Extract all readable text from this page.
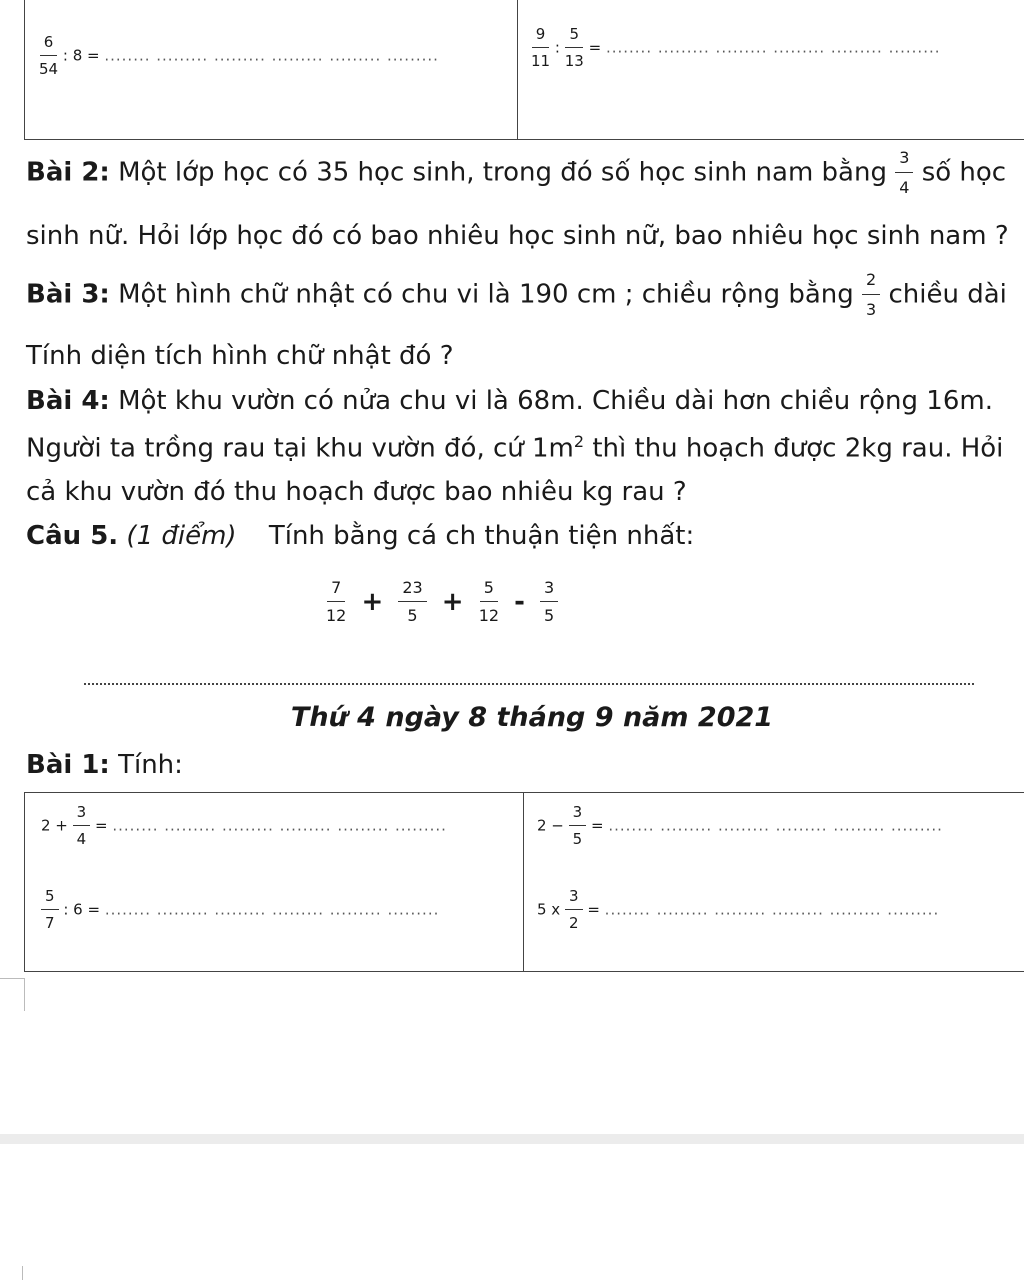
$\frac{6}{54}$ : 8 = ........ ......... ......... ......... ......... .........	$\frac{9}{11}$ : $\frac{5}{13}$ = ........ ......... ......... ......... ......... .........
Bài 2: Một lớp học có 35 học sinh, trong đó số học sinh nam bằng $\frac{3}{4}$ số học
sinh nữ. Hỏi lớp học đó có bao nhiêu học sinh nữ, bao nhiêu học sinh nam ?
Bài 3: Một hình chữ nhật có chu vi là 190 cm ; chiều rộng bằng $\frac{2}{3}$ chiều dài
Tính diện tích hình chữ nhật đó ?
Bài 4: Một khu vườn có nửa chu vi là 68m. Chiều dài hơn chiều rộng 16m.
Người ta trồng rau tại khu vườn đó, cứ $1m^2$ thì thu hoạch được 2kg rau. Hỏi
cả khu vườn đó thu hoạch được bao nhiêu kg rau ?
Câu 5. (1 điểm) Tính bằng cá ch thuận tiện nhất:
$\frac{7}{12} + \frac{23}{5} + \frac{5}{12} - \frac{3}{5}$
Thứ 4 ngày 8 tháng 9 năm 2021
Bài 1: Tính:
$2 + \frac{3}{4}$ = ........ ......... ......... ......... ......... .........	$2 - \frac{3}{5}$ = ........ ......... ......... ......... ......... .........
$\frac{5}{7}$ : 6 = ........ ......... ......... ......... ......... .........	5 x $\frac{3}{2}$ = ........ ......... ......... ......... ......... .........
